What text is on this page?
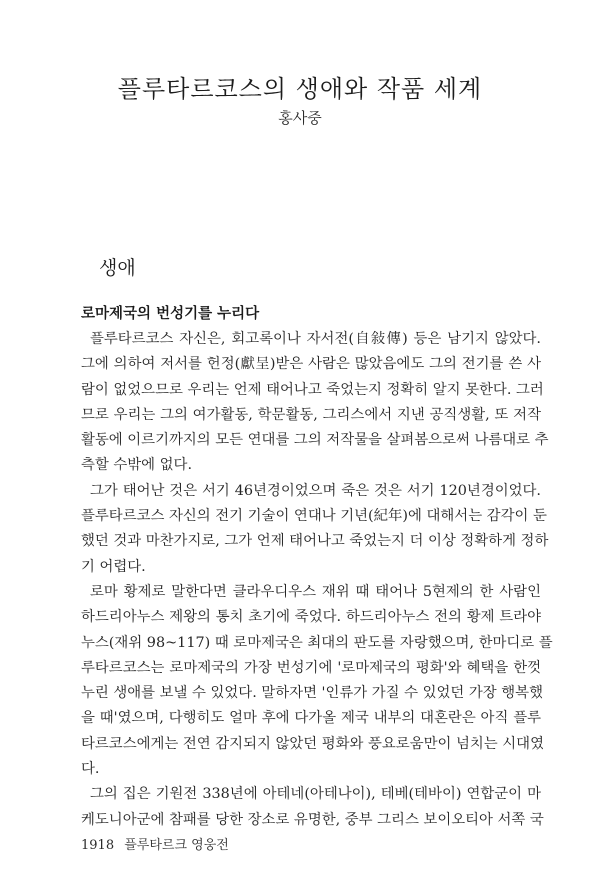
플루타르코스의 생애와 작품 세계
홍사중
생애
로마제국의 번성기를 누리다
플루타르코스 자신은, 회고록이나 자서전(自敍傳) 등은 남기지 않았다.
그에 의하여 저서를 헌정(獻呈)받은 사람은 많았음에도 그의 전기를 쓴 사
람이 없었으므로 우리는 언제 태어나고 죽었는지 정확히 알지 못한다. 그러
므로 우리는 그의 여가활동, 학문활동, 그리스에서 지낸 공직생활, 또 저작
활동에 이르기까지의 모든 연대를 그의 저작물을 살펴봄으로써 나름대로 추
측할 수밖에 없다.
그가 태어난 것은 서기 46년경이었으며 죽은 것은 서기 120년경이었다.
플루타르코스 자신의 전기 기술이 연대나 기년(紀年)에 대해서는 감각이 둔
했던 것과 마찬가지로, 그가 언제 태어나고 죽었는지 더 이상 정확하게 정하
기 어렵다.
로마 황제로 말한다면 클라우디우스 재위 때 태어나 5현제의 한 사람인
하드리아누스 제왕의 통치 초기에 죽었다. 하드리아누스 전의 황제 트라야
누스(재위 98~117) 때 로마제국은 최대의 판도를 자랑했으며, 한마디로 플
루타르코스는 로마제국의 가장 번성기에 '로마제국의 평화'와 혜택을 한껏
누린 생애를 보낼 수 있었다. 말하자면 '인류가 가질 수 있었던 가장 행복했
을 때'였으며, 다행히도 얼마 후에 다가올 제국 내부의 대혼란은 아직 플루
타르코스에게는 전연 감지되지 않았던 평화와 풍요로움만이 넘치는 시대였
다.
그의 집은 기원전 338년에 아테네(아테나이), 테베(테바이) 연합군이 마
케도니아군에 참패를 당한 장소로 유명한, 중부 그리스 보이오티아 서쪽 국
1918 플루타르크 영웅전
